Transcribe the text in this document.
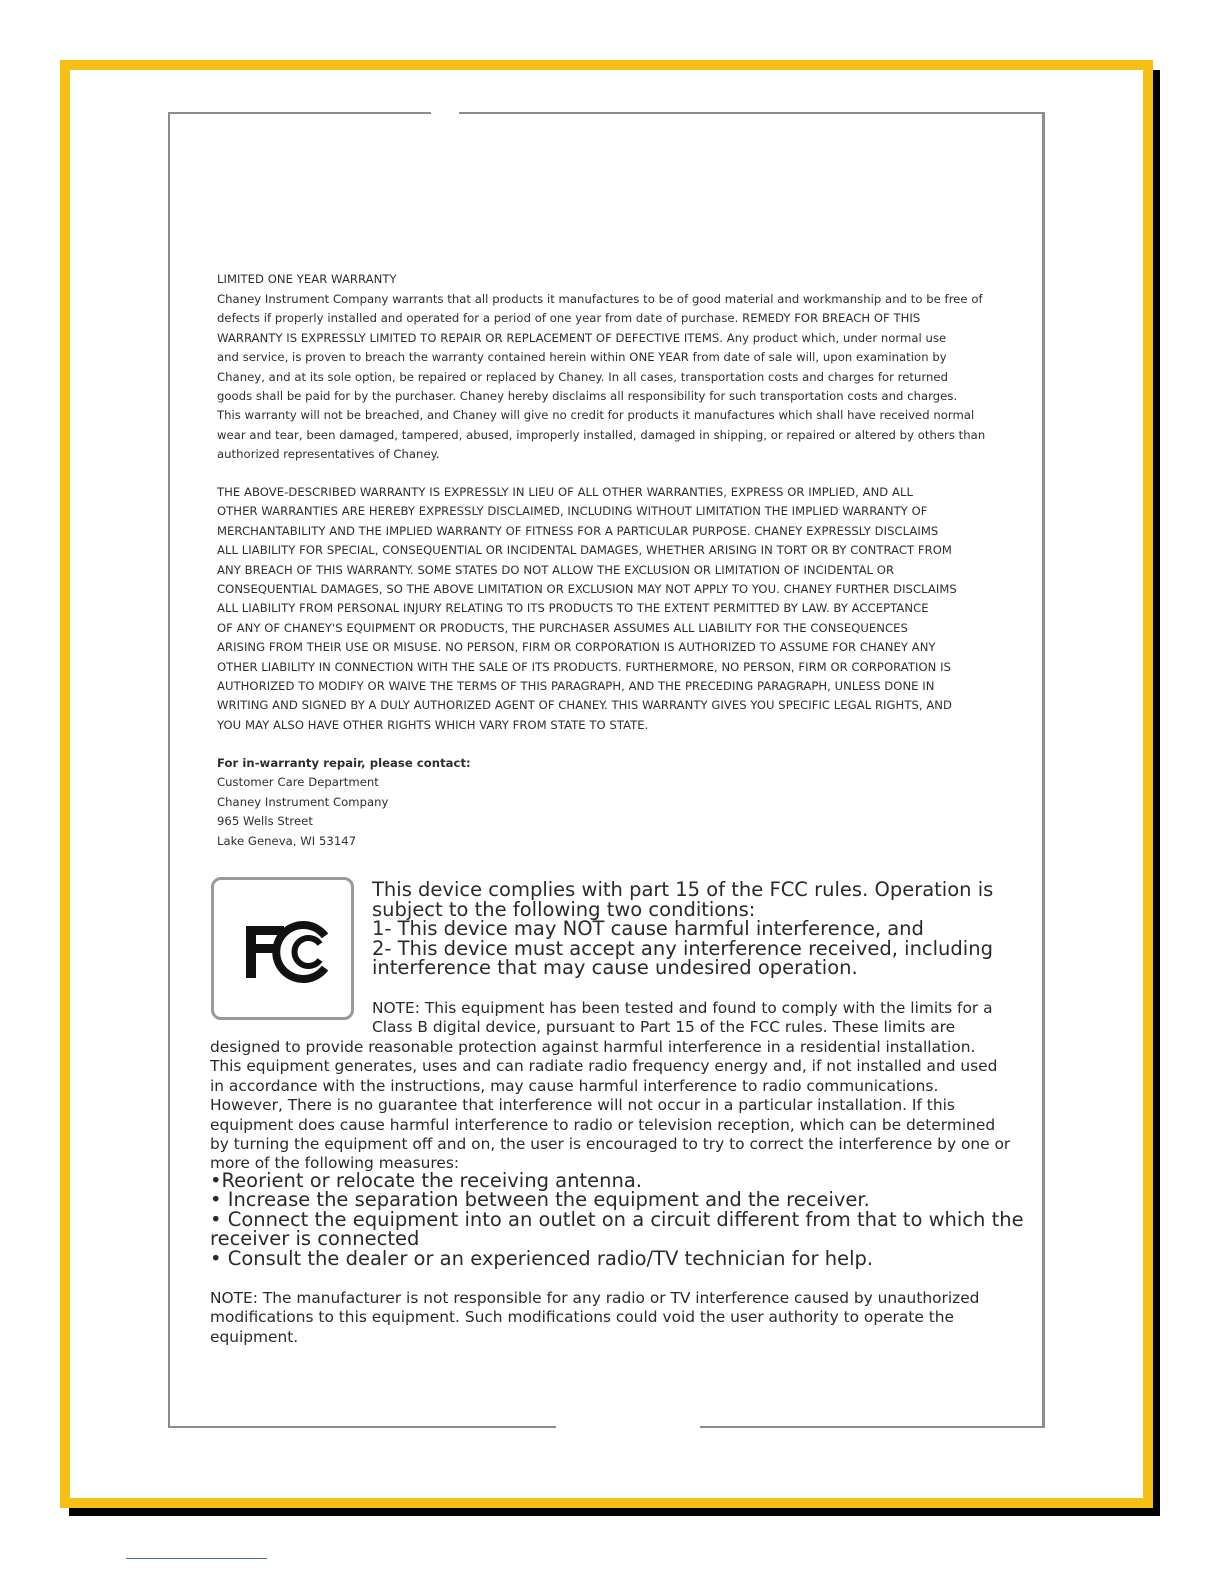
LIMITED ONE YEAR WARRANTY

Chaney Instrument Company warrants that all products it manufactures to be of good material and workmanship and to be free of

defects if properly installed and operated for a period of one year from date of purchase. REMEDY FOR BREACH OF THIS

WARRANTY IS EXPRESSLY LIMITED TO REPAIR OR REPLACEMENT OF DEFECTIVE ITEMS. Any product which, under normal use

and service, is proven to breach the warranty contained herein within ONE YEAR from date of sale will, upon examination by

Chaney, and at its sole option, be repaired or replaced by Chaney. In all cases, transportation costs and charges for returned

goods shall be paid for by the purchaser. Chaney hereby disclaims all responsibility for such transportation costs and charges.

This warranty will not be breached, and Chaney will give no credit for products it manufactures which shall have received normal

wear and tear, been damaged, tampered, abused, improperly installed, damaged in shipping, or repaired or altered by others than

authorized representatives of Chaney.

THE ABOVE-DESCRIBED WARRANTY IS EXPRESSLY IN LIEU OF ALL OTHER WARRANTIES, EXPRESS OR IMPLIED, AND ALL

OTHER WARRANTIES ARE HEREBY EXPRESSLY DISCLAIMED, INCLUDING WITHOUT LIMITATION THE IMPLIED WARRANTY OF

MERCHANTABILITY AND THE IMPLIED WARRANTY OF FITNESS FOR A PARTICULAR PURPOSE. CHANEY EXPRESSLY DISCLAIMS

ALL LIABILITY FOR SPECIAL, CONSEQUENTIAL OR INCIDENTAL DAMAGES, WHETHER ARISING IN TORT OR BY CONTRACT FROM

ANY BREACH OF THIS WARRANTY. SOME STATES DO NOT ALLOW THE EXCLUSION OR LIMITATION OF INCIDENTAL OR

CONSEQUENTIAL DAMAGES, SO THE ABOVE LIMITATION OR EXCLUSION MAY NOT APPLY TO YOU. CHANEY FURTHER DISCLAIMS

ALL LIABILITY FROM PERSONAL INJURY RELATING TO ITS PRODUCTS TO THE EXTENT PERMITTED BY LAW. BY ACCEPTANCE

OF ANY OF CHANEY'S EQUIPMENT OR PRODUCTS, THE PURCHASER ASSUMES ALL LIABILITY FOR THE CONSEQUENCES

ARISING FROM THEIR USE OR MISUSE. NO PERSON, FIRM OR CORPORATION IS AUTHORIZED TO ASSUME FOR CHANEY ANY

OTHER LIABILITY IN CONNECTION WITH THE SALE OF ITS PRODUCTS. FURTHERMORE, NO PERSON, FIRM OR CORPORATION IS

AUTHORIZED TO MODIFY OR WAIVE THE TERMS OF THIS PARAGRAPH, AND THE PRECEDING PARAGRAPH, UNLESS DONE IN

WRITING AND SIGNED BY A DULY AUTHORIZED AGENT OF CHANEY. THIS WARRANTY GIVES YOU SPECIFIC LEGAL RIGHTS, AND

YOU MAY ALSO HAVE OTHER RIGHTS WHICH VARY FROM STATE TO STATE.

For in-warranty repair, please contact:

Customer Care Department

Chaney Instrument Company

965 Wells Street

Lake Geneva, WI 53147

This device complies with part 15 of the FCC rules. Operation is

subject to the following two conditions:

1- This device may NOT cause harmful interference, and

2- This device must accept any interference received, including

interference that may cause undesired operation.

NOTE: This equipment has been tested and found to comply with the limits for a

Class B digital device, pursuant to Part 15 of the FCC rules. These limits are

designed to provide reasonable protection against harmful interference in a residential installation.

This equipment generates, uses and can radiate radio frequency energy and, if not installed and used

in accordance with the instructions, may cause harmful interference to radio communications.

However, There is no guarantee that interference will not occur in a particular installation. If this

equipment does cause harmful interference to radio or television reception, which can be determined

by turning the equipment off and on, the user is encouraged to try to correct the interference by one or

more of the following measures:

•Reorient or relocate the receiving antenna.

• Increase the separation between the equipment and the receiver.

• Connect the equipment into an outlet on a circuit different from that to which the

receiver is connected

• Consult the dealer or an experienced radio/TV technician for help.

NOTE: The manufacturer is not responsible for any radio or TV interference caused by unauthorized

modifications to this equipment. Such modifications could void the user authority to operate the

equipment.
